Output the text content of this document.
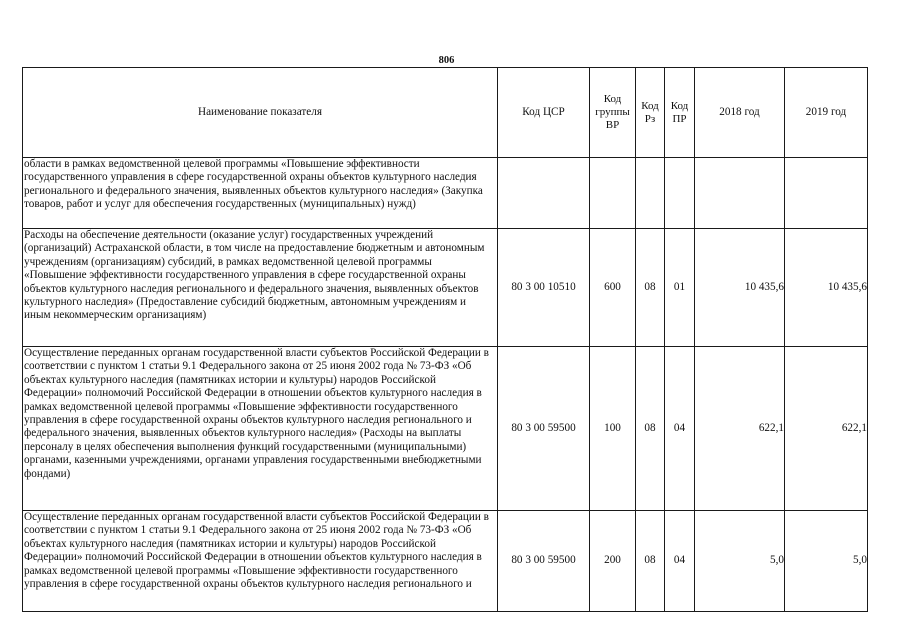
806
Наименование показателя	Код ЦСР	Код группы ВР	Код Рз	Код ПР	2018 год	2019 год
области в рамках ведомственной целевой программы «Повышение эффективности государственного управления в сфере государственной охраны объектов культурного наследия регионального и федерального значения, выявленных объектов культурного наследия» (Закупка товаров, работ и услуг для обеспечения государственных (муниципальных) нужд)						
Расходы на обеспечение деятельности (оказание услуг) государственных учреждений (организаций) Астраханской области, в том числе на предоставление бюджетным и автономным учреждениям (организациям) субсидий, в рамках ведомственной целевой программы «Повышение эффективности государственного управления в сфере государственной охраны объектов культурного наследия регионального и федерального значения, выявленных объектов культурного наследия» (Предоставление субсидий бюджетным, автономным учреждениям и иным некоммерческим организациям)	80 3 00 10510	600	08	01	10 435,6	10 435,6
Осуществление переданных органам государственной власти субъектов Российской Федерации в соответствии с пунктом 1 статьи 9.1 Федерального закона от 25 июня 2002 года № 73-ФЗ «Об объектах культурного наследия (памятниках истории и культуры) народов Российской Федерации» полномочий Российской Федерации в отношении объектов культурного наследия в рамках ведомственной целевой программы «Повышение эффективности государственного управления в сфере государственной охраны объектов культурного наследия регионального и федерального значения, выявленных объектов культурного наследия» (Расходы на выплаты персоналу в целях обеспечения выполнения функций государственными (муниципальными) органами, казенными учреждениями, органами управления государственными внебюджетными фондами)	80 3 00 59500	100	08	04	622,1	622,1
Осуществление переданных органам государственной власти субъектов Российской Федерации в соответствии с пунктом 1 статьи 9.1 Федерального закона от 25 июня 2002 года № 73-ФЗ «Об объектах культурного наследия (памятниках истории и культуры) народов Российской Федерации» полномочий Российской Федерации в отношении объектов культурного наследия в рамках ведомственной целевой программы «Повышение эффективности государственного управления в сфере государственной охраны объектов культурного наследия регионального и	80 3 00 59500	200	08	04	5,0	5,0
